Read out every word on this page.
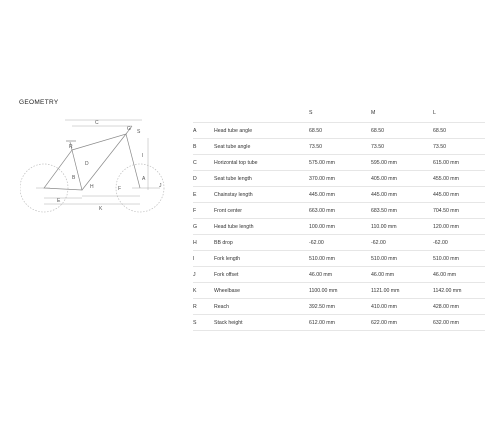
GEOMETRY
C
G S
R
D
B
I
A
H	F	J
E
K
		S	M	L
A	Head tube angle	68.50	68.50	68.50
B	Seat tube angle	73.50	73.50	73.50
C	Horizontal top tube	575.00 mm	595.00 mm	615.00 mm
D	Seat tube length	370.00 mm	405.00 mm	455.00 mm
E	Chainstay length	445.00 mm	445.00 mm	445.00 mm
F	Front center	663.00 mm	683.50 mm	704.50 mm
G	Head tube length	100.00 mm	110.00 mm	120.00 mm
H	BB drop	-62.00	-62.00	-62.00
I	Fork length	510.00 mm	510.00 mm	510.00 mm
J	Fork offset	46.00 mm	46.00 mm	46.00 mm
K	Wheelbase	1100.00 mm	1121.00 mm	1142.00 mm
R	Reach	392.50 mm	410.00 mm	428.00 mm
S	Stack height	612.00 mm	622.00 mm	632.00 mm
